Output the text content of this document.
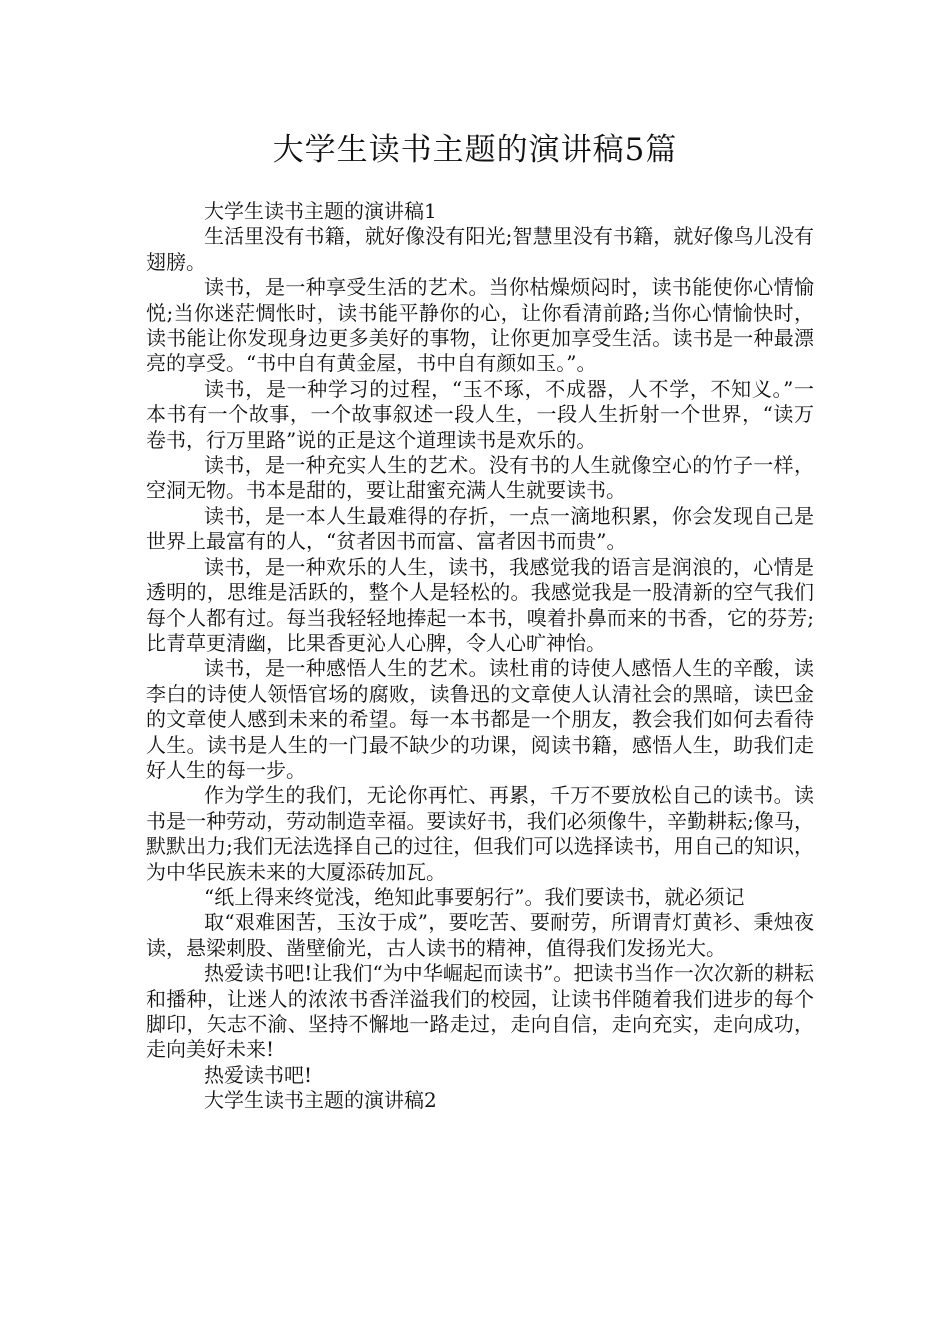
大学生读书主题的演讲稿5篇

大学生读书主题的演讲稿1

生活里没有书籍，就好像没有阳光;智慧里没有书籍，就好像鸟儿没有翅膀。

读书，是一种享受生活的艺术。当你枯燥烦闷时，读书能使你心情愉悦;当你迷茫惆怅时，读书能平静你的心，让你看清前路;当你心情愉快时，读书能让你发现身边更多美好的事物，让你更加享受生活。读书是一种最漂亮的享受。“书中自有黄金屋，书中自有颜如玉。”。

读书，是一种学习的过程，“玉不琢，不成器，人不学，不知义。”一本书有一个故事，一个故事叙述一段人生，一段人生折射一个世界，“读万卷书，行万里路”说的正是这个道理读书是欢乐的。

读书，是一种充实人生的艺术。没有书的人生就像空心的竹子一样，空洞无物。书本是甜的，要让甜蜜充满人生就要读书。

读书，是一本人生最难得的存折，一点一滴地积累，你会发现自己是世界上最富有的人，“贫者因书而富、富者因书而贵”。

读书，是一种欢乐的人生，读书，我感觉我的语言是润浪的，心情是透明的，思维是活跃的，整个人是轻松的。我感觉我是一股清新的空气我们每个人都有过。每当我轻轻地捧起一本书，嗅着扑鼻而来的书香，它的芬芳;比青草更清幽，比果香更沁人心脾，令人心旷神怡。

读书，是一种感悟人生的艺术。读杜甫的诗使人感悟人生的辛酸，读李白的诗使人领悟官场的腐败，读鲁迅的文章使人认清社会的黑暗，读巴金的文章使人感到未来的希望。每一本书都是一个朋友，教会我们如何去看待人生。读书是人生的一门最不缺少的功课，阅读书籍，感悟人生，助我们走好人生的每一步。

作为学生的我们，无论你再忙、再累，千万不要放松自己的读书。读书是一种劳动，劳动制造幸福。要读好书，我们必须像牛，辛勤耕耘;像马，默默出力;我们无法选择自己的过往，但我们可以选择读书，用自己的知识，为中华民族未来的大厦添砖加瓦。

“纸上得来终觉浅，绝知此事要躬行”。我们要读书，就必须记

取“艰难困苦，玉汝于成”，要吃苦、要耐劳，所谓青灯黄衫、秉烛夜读，悬梁刺股、凿壁偷光，古人读书的精神，值得我们发扬光大。

热爱读书吧!让我们“为中华崛起而读书”。把读书当作一次次新的耕耘和播种，让迷人的浓浓书香洋溢我们的校园，让读书伴随着我们进步的每个脚印，矢志不渝、坚持不懈地一路走过，走向自信，走向充实，走向成功，走向美好未来!

热爱读书吧!

大学生读书主题的演讲稿2
